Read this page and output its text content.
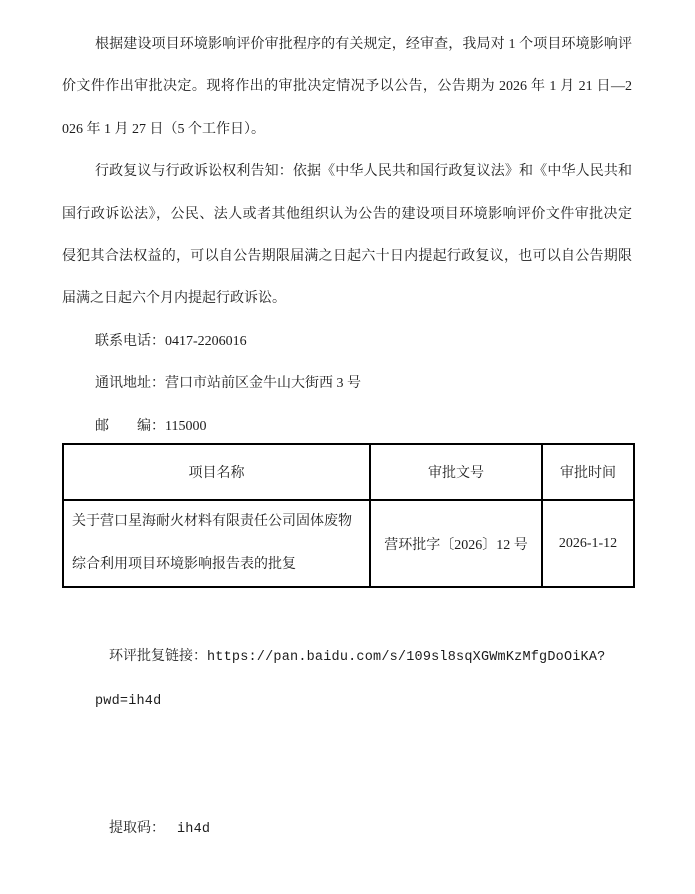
根据建设项目环境影响评价审批程序的有关规定，经审查，我局对 1 个项目环境影响评
价文件作出审批决定。现将作出的审批决定情况予以公告，公告期为 2026 年 1 月 21 日—2
026 年 1 月 27 日（5 个工作日）。
行政复议与行政诉讼权利告知：依据《中华人民共和国行政复议法》和《中华人民共和
国行政诉讼法》，公民、法人或者其他组织认为公告的建设项目环境影响评价文件审批决定
侵犯其合法权益的，可以自公告期限届满之日起六十日内提起行政复议，也可以自公告期限
届满之日起六个月内提起行政诉讼。
联系电话：0417-2206016
通讯地址：营口市站前区金牛山大街西 3 号
邮　　编：115000
项目名称	审批文号	审批时间
关于营口星海耐火材料有限责任公司固体废物综合利用项目环境影响报告表的批复	营环批字〔2026〕12 号	2026-1-12

环评批复链接：https://pan.baidu.com/s/109sl8sqXGWmKzMfgDoOiKA?pwd=ih4d

提取码： ih4d
